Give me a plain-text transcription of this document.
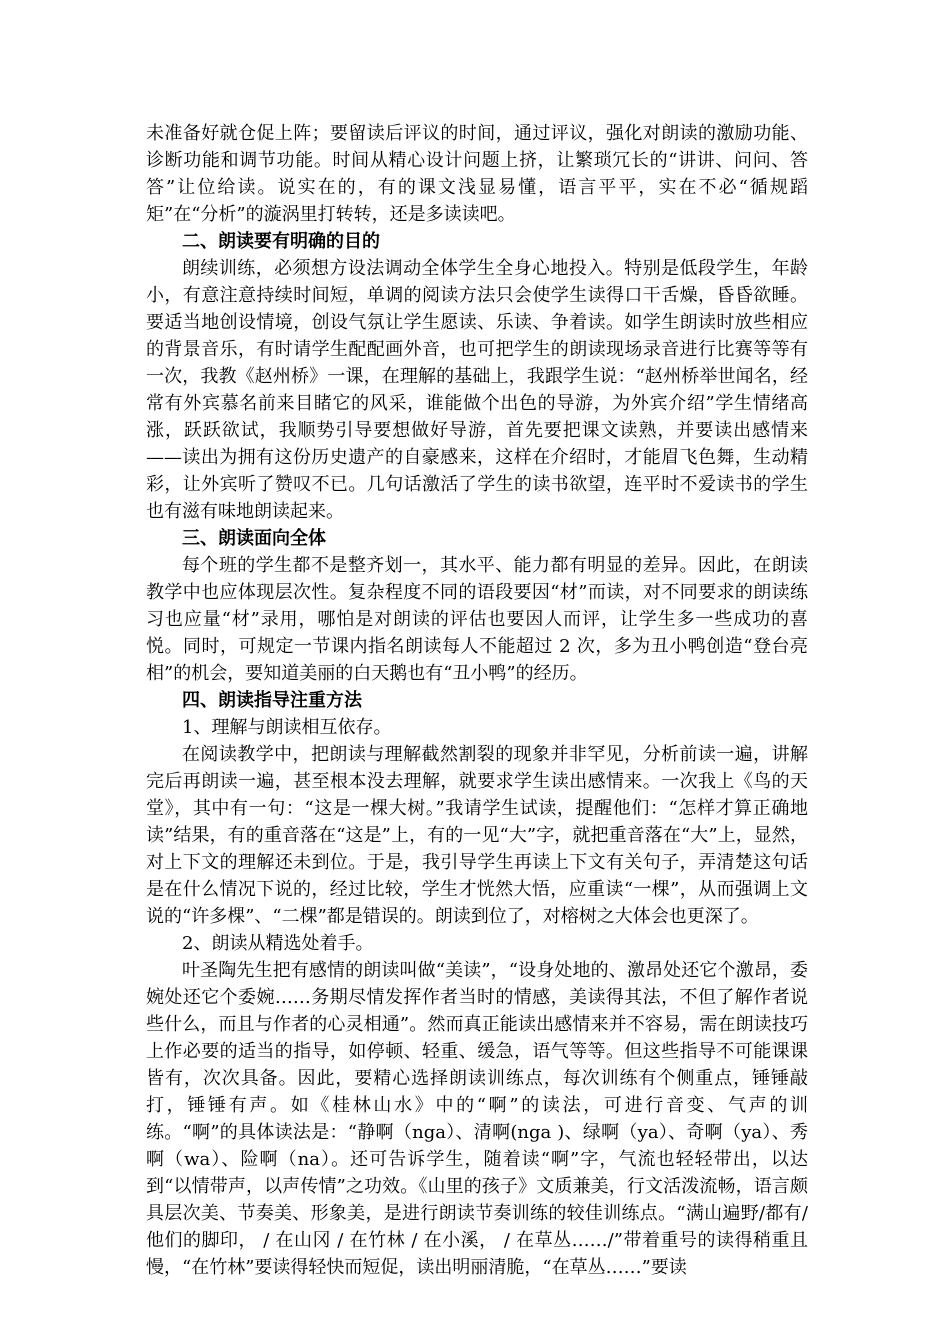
未准备好就仓促上阵；要留读后评议的时间，通过评议，强化对朗读的激励功能、诊断功能和调节功能。时间从精心设计问题上挤，让繁琐冗长的“讲讲、问问、答答”让位给读。说实在的，有的课文浅显易懂，语言平平，实在不必“循规蹈矩”在“分析”的漩涡里打转转，还是多读读吧。

二、朗读要有明确的目的

朗续训练，必须想方设法调动全体学生全身心地投入。特别是低段学生，年龄小，有意注意持续时间短，单调的阅读方法只会使学生读得口干舌燥，昏昏欲睡。要适当地创设情境，创设气氛让学生愿读、乐读、争着读。如学生朗读时放些相应的背景音乐，有时请学生配配画外音，也可把学生的朗读现场录音进行比赛等等有一次，我教《赵州桥》一课，在理解的基础上，我跟学生说：“赵州桥举世闻名，经常有外宾慕名前来目睹它的风采，谁能做个出色的导游，为外宾介绍”学生情绪高涨，跃跃欲试，我顺势引导要想做好导游，首先要把课文读熟，并要读出感情来——读出为拥有这份历史遗产的自豪感来，这样在介绍时，才能眉飞色舞，生动精彩，让外宾听了赞叹不已。几句话激活了学生的读书欲望，连平时不爱读书的学生也有滋有味地朗读起来。

三、朗读面向全体

每个班的学生都不是整齐划一，其水平、能力都有明显的差异。因此，在朗读教学中也应体现层次性。复杂程度不同的语段要因“材”而读，对不同要求的朗读练习也应量“材”录用，哪怕是对朗读的评估也要因人而评，让学生多一些成功的喜悦。同时，可规定一节课内指名朗读每人不能超过 2 次，多为丑小鸭创造“登台亮相”的机会，要知道美丽的白天鹅也有“丑小鸭”的经历。

四、朗读指导注重方法

1、理解与朗读相互依存。

在阅读教学中，把朗读与理解截然割裂的现象并非罕见，分析前读一遍，讲解完后再朗读一遍，甚至根本没去理解，就要求学生读出感情来。一次我上《鸟的天堂》，其中有一句：“这是一棵大树。”我请学生试读，提醒他们：“怎样才算正确地读”结果，有的重音落在“这是”上，有的一见“大”字，就把重音落在“大”上，显然，对上下文的理解还未到位。于是，我引导学生再读上下文有关句子，弄清楚这句话是在什么情况下说的，经过比较，学生才恍然大悟，应重读“一棵”，从而强调上文说的“许多棵”、“二棵”都是错误的。朗读到位了，对榕树之大体会也更深了。

2、朗读从精选处着手。

叶圣陶先生把有感情的朗读叫做“美读”，“设身处地的、激昂处还它个激昂，委婉处还它个委婉……务期尽情发挥作者当时的情感，美读得其法，不但了解作者说些什么，而且与作者的心灵相通”。然而真正能读出感情来并不容易，需在朗读技巧上作必要的适当的指导，如停顿、轻重、缓急，语气等等。但这些指导不可能课课皆有，次次具备。因此，要精心选择朗读训练点，每次训练有个侧重点，锤锤敲打，锤锤有声。如《桂林山水》中的“啊”的读法，可进行音变、气声的训练。“啊”的具体读法是：“静啊（nga）、清啊(nga )、绿啊（ya）、奇啊（ya）、秀啊（wa）、险啊（na）。还可告诉学生，随着读“啊”字，气流也轻轻带出，以达到“以情带声，以声传情”之功效。《山里的孩子》文质兼美，行文活泼流畅，语言颇具层次美、节奏美、形象美，是进行朗读节奏训练的较佳训练点。“满山遍野/都有/ 他们的脚印， / 在山冈 / 在竹林 / 在小溪， / 在草丛……/”带着重号的读得稍重且慢，“在竹林”要读得轻快而短促，读出明丽清脆，“在草丛……”要读
